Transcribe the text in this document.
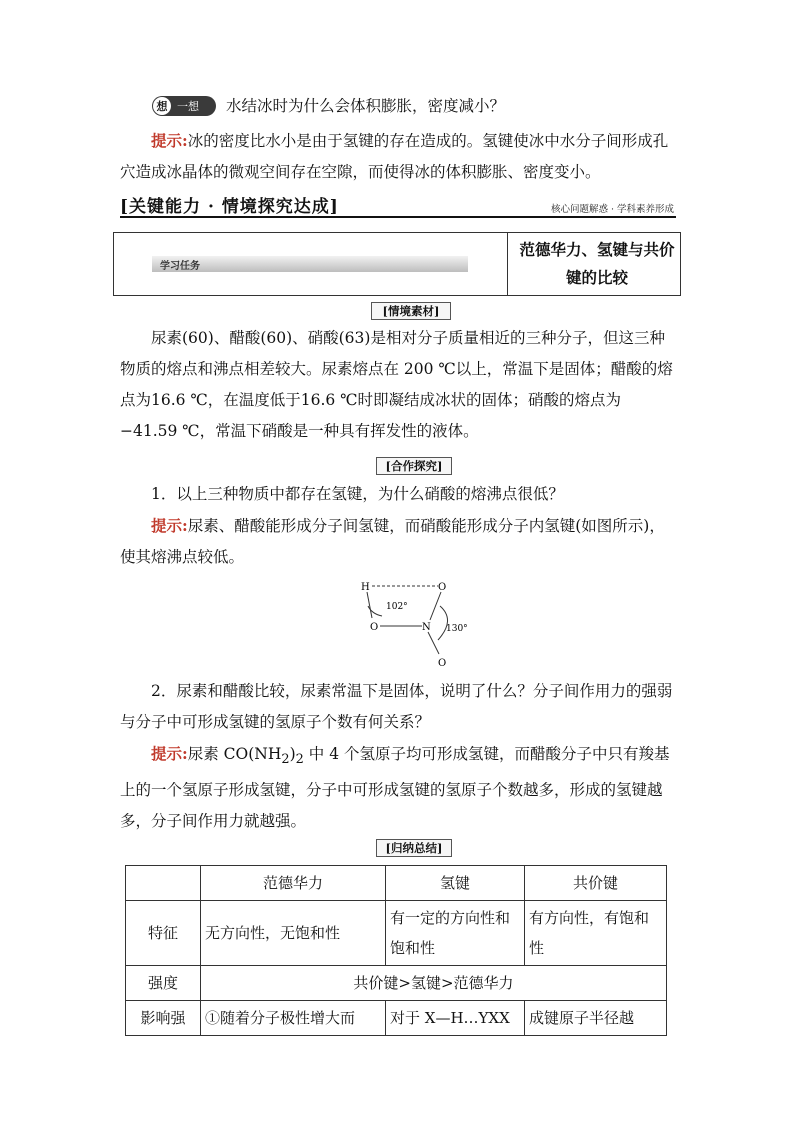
想 一想 水结冰时为什么会体积膨胀，密度减小？

提示:冰的密度比水小是由于氢键的存在造成的。氢键使冰中水分子间形成孔穴造成冰晶体的微观空间存在空隙，而使得冰的体积膨胀、密度变小。

[关键能力 · 情境探究达成]	核心问题解惑 · 学科素养形成
学习任务
范德华力、氢键与共价键的比较
[情境素材]

尿素(60)、醋酸(60)、硝酸(63)是相对分子质量相近的三种分子，但这三种物质的熔点和沸点相差较大。尿素熔点在 200 ℃以上，常温下是固体；醋酸的熔点为16.6 ℃，在温度低于16.6 ℃时即凝结成冰状的固体；硝酸的熔点为 −41.59 ℃，常温下硝酸是一种具有挥发性的液体。

[合作探究]

1．以上三种物质中都存在氢键，为什么硝酸的熔沸点很低？

提示:尿素、醋酸能形成分子间氢键，而硝酸能形成分子内氢键(如图所示)，使其熔沸点较低。

H	O
O	N
O
102°
130°

2．尿素和醋酸比较，尿素常温下是固体，说明了什么？分子间作用力的强弱与分子中可形成氢键的氢原子个数有何关系？

提示:尿素 $CO(NH_2)_2$ 中 4 个氢原子均可形成氢键，而醋酸分子中只有羧基上的一个氢原子形成氢键，分子中可形成氢键的氢原子个数越多，形成的氢键越多，分子间作用力就越强。

[归纳总结]
	范德华力	氢键	共价键
特征	无方向性，无饱和性	有一定的方向性和饱和性	有方向性，有饱和性
强度	共价键>氢键>范德华力		
影响强	①随着分子极性增大而	对于 X—H…YXX	成键原子半径越
